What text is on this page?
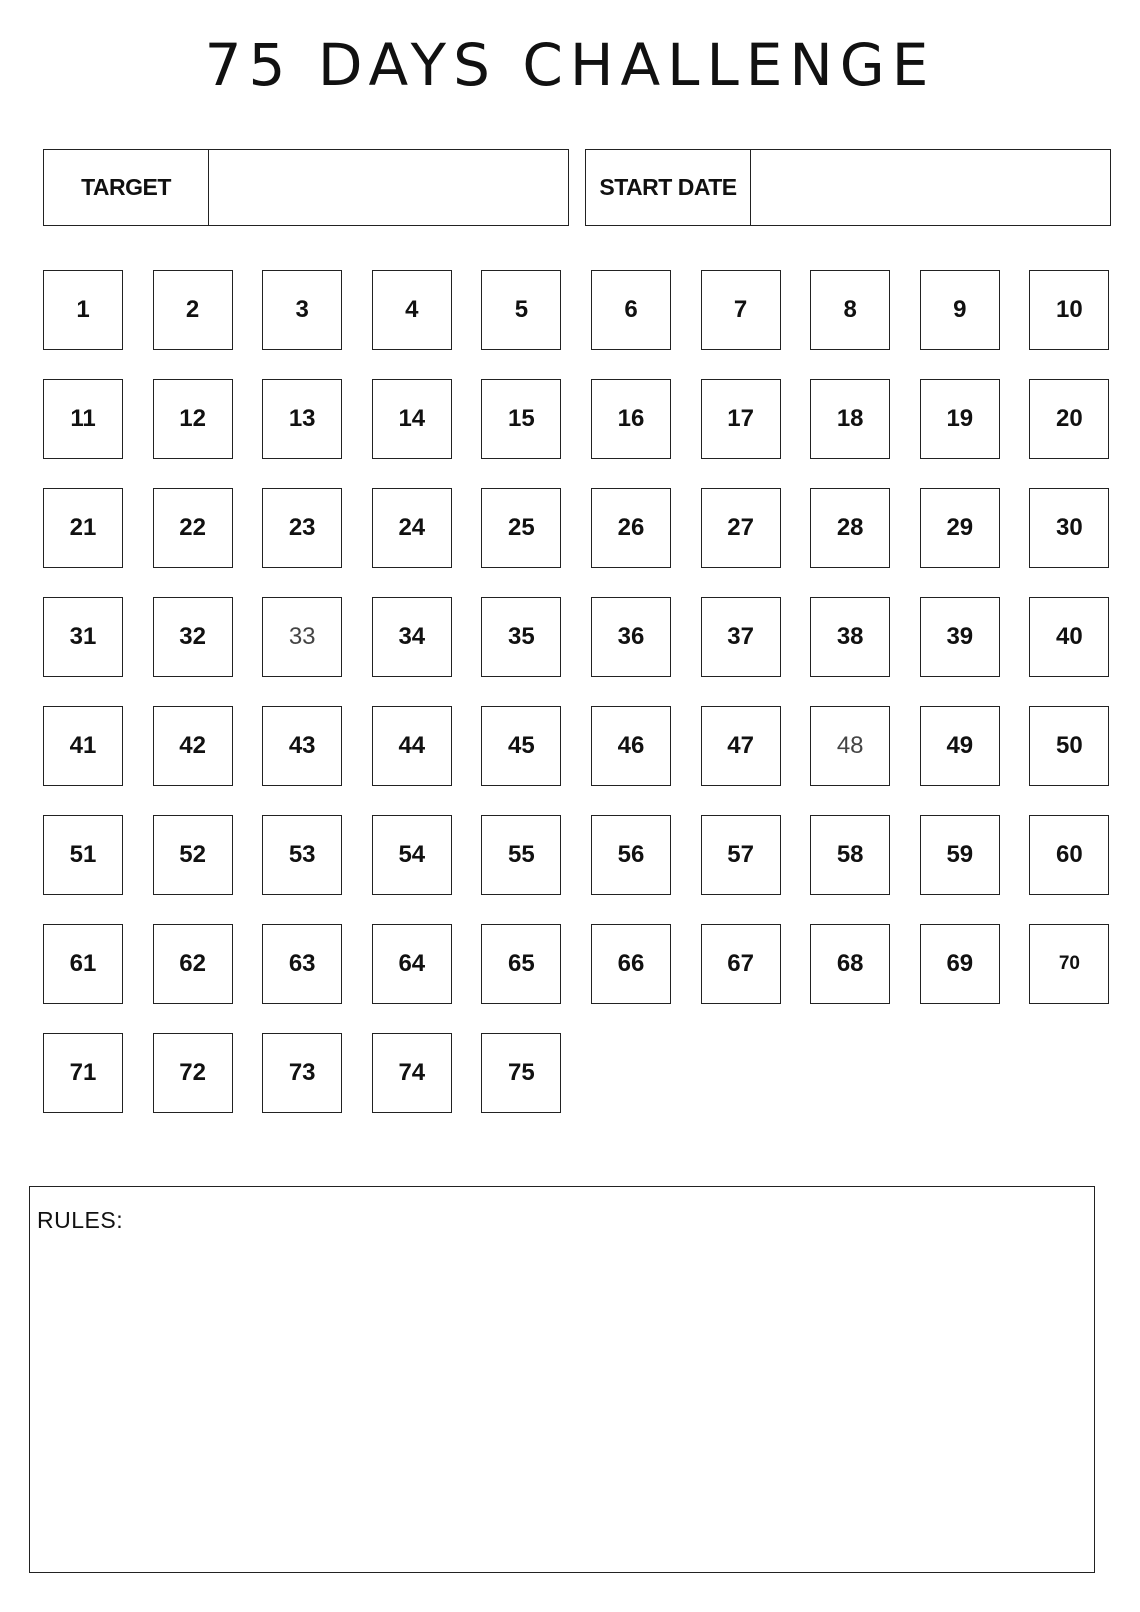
75 DAYS CHALLENGE
TARGET	START DATE
1	2	3	4	5	6	7	8	9	10
11	12	13	14	15	16	17	18	19	20
21	22	23	24	25	26	27	28	29	30
31	32	33	34	35	36	37	38	39	40
41	42	43	44	45	46	47	48	49	50
51	52	53	54	55	56	57	58	59	60
61	62	63	64	65	66	67	68	69	70
71	72	73	74	75
RULES:
